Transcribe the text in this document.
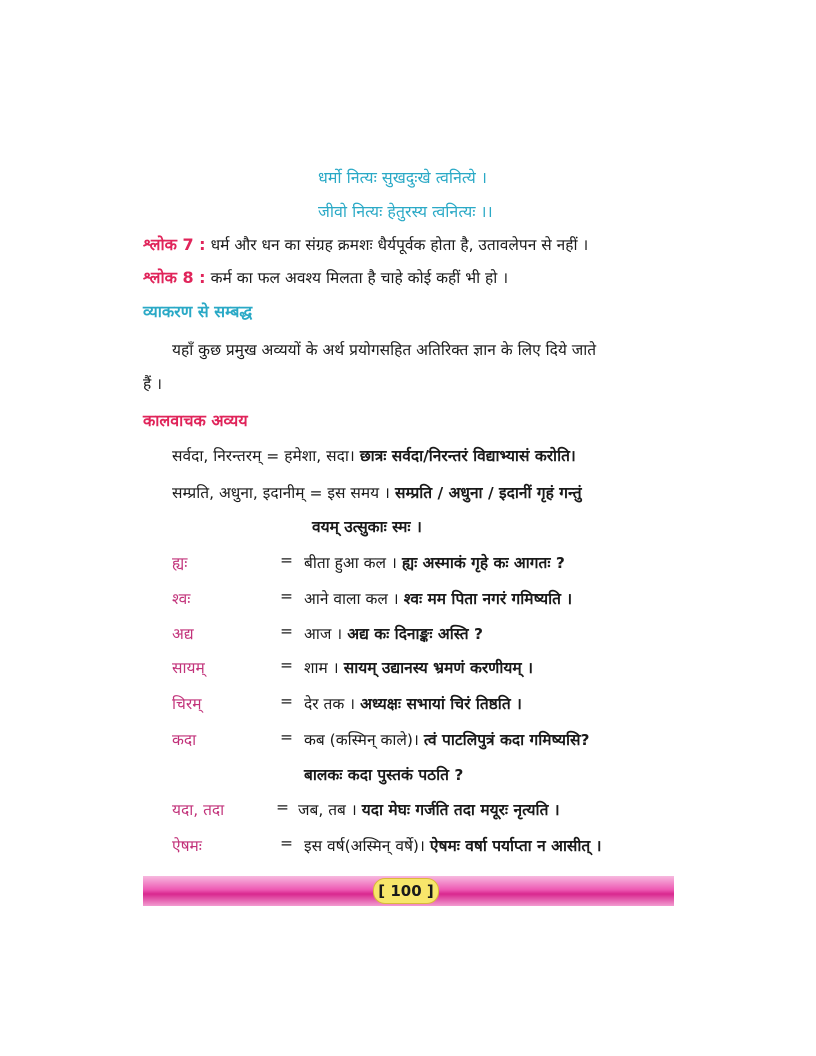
धर्मो नित्यः सुखदुःखे त्वनित्ये ।
जीवो नित्यः हेतुरस्य त्वनित्यः ।।
श्लोक 7 : धर्म और धन का संग्रह क्रमशः धैर्यपूर्वक होता है, उतावलेपन से नहीं ।
श्लोक 8 : कर्म का फल अवश्य मिलता है चाहे कोई कहीं भी हो ।
व्याकरण से सम्बद्ध
यहाँ कुछ प्रमुख अव्ययों के अर्थ प्रयोगसहित अतिरिक्त ज्ञान के लिए दिये जाते
हैं ।
कालवाचक अव्यय
सर्वदा, निरन्तरम् = हमेशा, सदा। छात्रः सर्वदा/निरन्तरं विद्याभ्यासं करोति।
सम्प्रति, अधुना, इदानीम् = इस समय । सम्प्रति / अधुना / इदानीं गृहं गन्तुं
वयम् उत्सुकाः स्मः ।
ह्यः	= बीता हुआ कल । ह्यः अस्माकं गृहे कः आगतः ?
श्वः	= आने वाला कल । श्वः मम पिता नगरं गमिष्यति ।
अद्य	= आज । अद्य कः दिनाङ्कः अस्ति ?
सायम्	= शाम । सायम् उद्यानस्य भ्रमणं करणीयम् ।
चिरम्	= देर तक । अध्यक्षः सभायां चिरं तिष्ठति ।
कदा	= कब (कस्मिन् काले)। त्वं पाटलिपुत्रं कदा गमिष्यसि?
बालकः कदा पुस्तकं पठति ?
यदा, तदा	= जब, तब । यदा मेघः गर्जति तदा मयूरः नृत्यति ।
ऐषमः	= इस वर्ष(अस्मिन् वर्षे)। ऐषमः वर्षा पर्याप्ता न आसीत् ।
[ 100 ]
